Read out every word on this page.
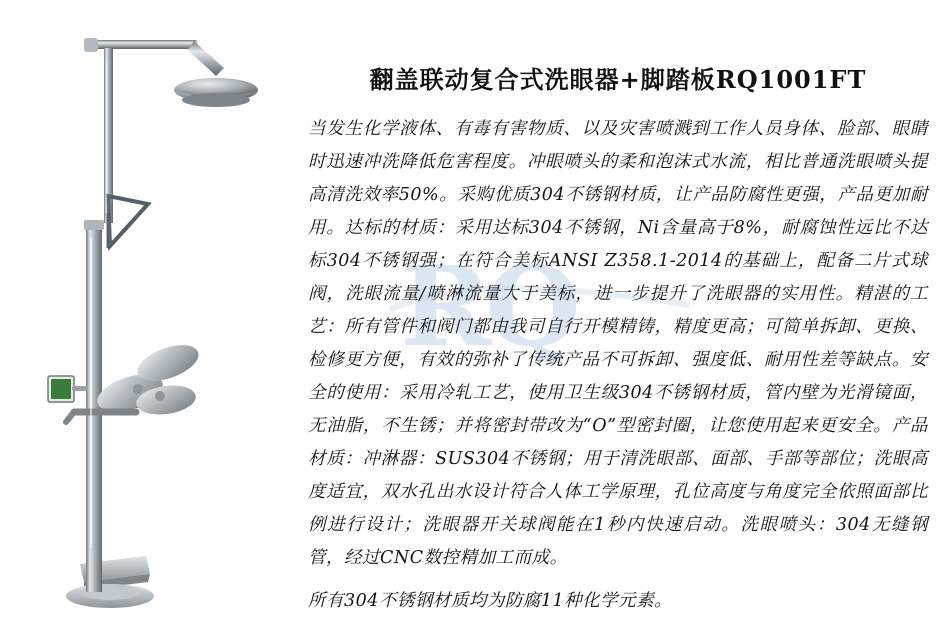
R
Q
翻盖联动复合式洗眼器+脚踏板RQ1001FT

当发生化学液体、有毒有害物质、以及灾害喷溅到工作人员身体、脸部、眼睛时迅速冲洗降低危害程度。冲眼喷头的柔和泡沫式水流，相比普通洗眼喷头提高清洗效率50%。采购优质304不锈钢材质，让产品防腐性更强，产品更加耐用。达标的材质：采用达标304不锈钢，Ni含量高于8%，耐腐蚀性远比不达标304不锈钢强；在符合美标ANSI Z358.1-2014的基础上，配备二片式球阀，洗眼流量/喷淋流量大于美标，进一步提升了洗眼器的实用性。精湛的工艺：所有管件和阀门都由我司自行开模精铸，精度更高；可简单拆卸、更换、检修更方便，有效的弥补了传统产品不可拆卸、强度低、耐用性差等缺点。安全的使用：采用冷轧工艺，使用卫生级304不锈钢材质，管内壁为光滑镜面，无油脂，不生锈；并将密封带改为“O”型密封圈，让您使用起来更安全。产品材质：冲淋器：SUS304不锈钢；用于清洗眼部、面部、手部等部位；洗眼高度适宜，双水孔出水设计符合人体工学原理，孔位高度与角度完全依照面部比例进行设计；洗眼器开关球阀能在1秒内快速启动。洗眼喷头：304无缝钢管，经过CNC数控精加工而成。

所有304不锈钢材质均为防腐11种化学元素。
